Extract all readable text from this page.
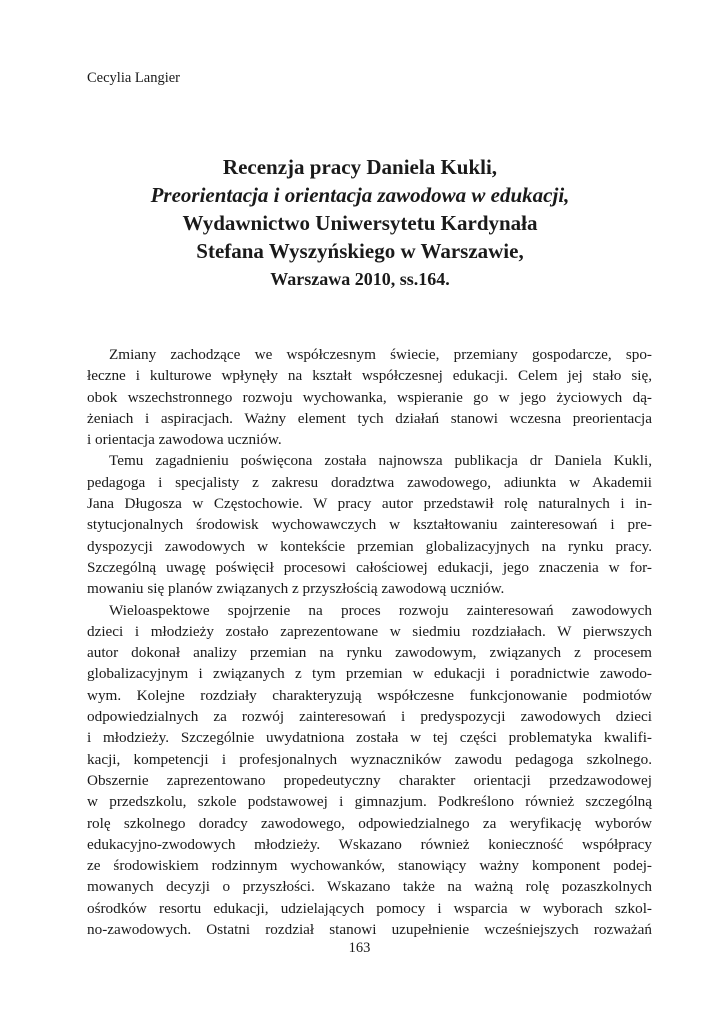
Cecylia Langier

Recenzja pracy Daniela Kukli,

Preorientacja i orientacja zawodowa w edukacji,

Wydawnictwo Uniwersytetu Kardynała

Stefana Wyszyńskiego w Warszawie,

Warszawa 2010, ss.164.

Zmiany zachodzące we współczesnym świecie, przemiany gospodarcze, spo-
łeczne i kulturowe wpłynęły na kształt współczesnej edukacji. Celem jej stało się,
obok wszechstronnego rozwoju wychowanka, wspieranie go w jego życiowych dą-
żeniach i aspiracjach. Ważny element tych działań stanowi wczesna preorientacja
i orientacja zawodowa uczniów.
Temu zagadnieniu poświęcona została najnowsza publikacja dr Daniela Kukli,
pedagoga i specjalisty z zakresu doradztwa zawodowego, adiunkta w Akademii
Jana Długosza w Częstochowie. W pracy autor przedstawił rolę naturalnych i in-
stytucjonalnych środowisk wychowawczych w kształtowaniu zainteresowań i pre-
dyspozycji zawodowych w kontekście przemian globalizacyjnych na rynku pracy.
Szczególną uwagę poświęcił procesowi całościowej edukacji, jego znaczenia w for-
mowaniu się planów związanych z przyszłością zawodową uczniów.
Wieloaspektowe spojrzenie na proces rozwoju zainteresowań zawodowych
dzieci i młodzieży zostało zaprezentowane w siedmiu rozdziałach. W pierwszych
autor dokonał analizy przemian na rynku zawodowym, związanych z procesem
globalizacyjnym i związanych z tym przemian w edukacji i poradnictwie zawodo-
wym. Kolejne rozdziały charakteryzują współczesne funkcjonowanie podmiotów
odpowiedzialnych za rozwój zainteresowań i predyspozycji zawodowych dzieci
i młodzieży. Szczególnie uwydatniona została w tej części problematyka kwalifi-
kacji, kompetencji i profesjonalnych wyznaczników zawodu pedagoga szkolnego.
Obszernie zaprezentowano propedeutyczny charakter orientacji przedzawodowej
w przedszkolu, szkole podstawowej i gimnazjum. Podkreślono również szczególną
rolę szkolnego doradcy zawodowego, odpowiedzialnego za weryfikację wyborów
edukacyjno-zwodowych młodzieży. Wskazano również konieczność współpracy
ze środowiskiem rodzinnym wychowanków, stanowiący ważny komponent podej-
mowanych decyzji o przyszłości. Wskazano także na ważną rolę pozaszkolnych
ośrodków resortu edukacji, udzielających pomocy i wsparcia w wyborach szkol-
no-zawodowych. Ostatni rozdział stanowi uzupełnienie wcześniejszych rozważań
163
